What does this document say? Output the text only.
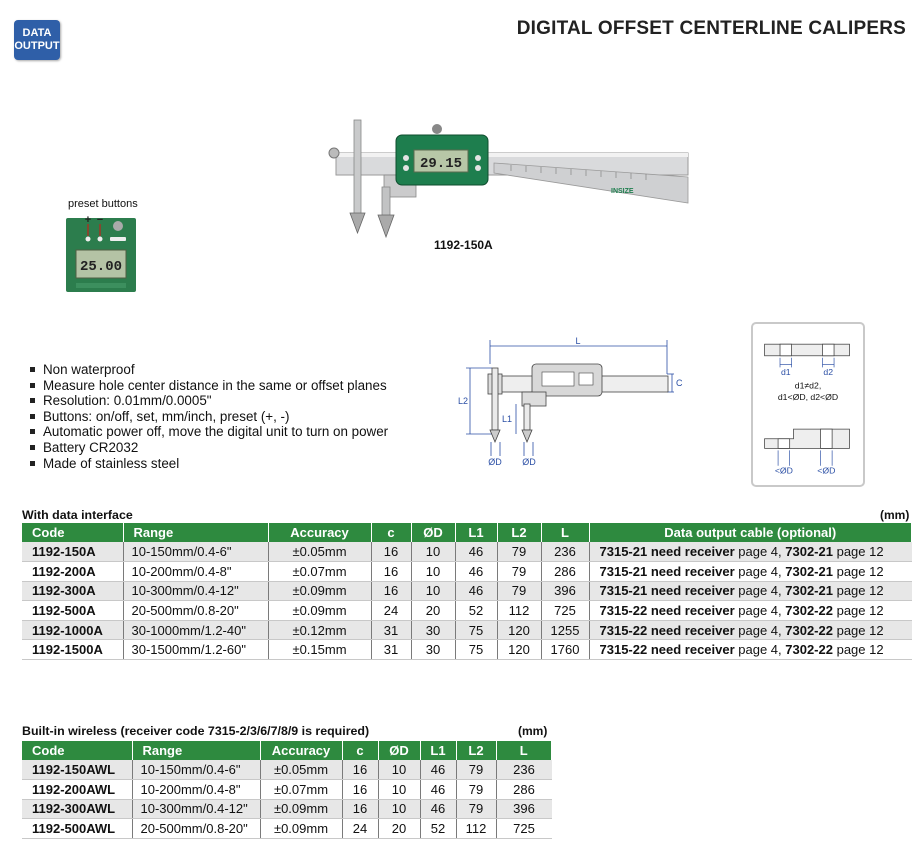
DATA
OUTPUT
DIGITAL OFFSET CENTERLINE CALIPERS
29.15
INSIZE
1192-150A
preset buttons
+ −
25.00
Non waterproof
Measure hole center distance in the same or offset planes
Resolution: 0.01mm/0.0005"
Buttons: on/off, set, mm/inch, preset (+, -)
Automatic power off, move the digital unit to turn on power
Battery CR2032
Made of stainless steel
L
C
L1
L2
ØD ØD
d1	d2
d1≠d2,
d1<ØD, d2<ØD
<ØD	<ØD
With data interface	(mm)
Code	Range	Accuracy	c	ØD	L1	L2	L	Data output cable (optional)
1192-150A	10-150mm/0.4-6"	±0.05mm	16	10	46	79	236	7315-21 need receiver page 4, 7302-21 page 12
1192-200A	10-200mm/0.4-8"	±0.07mm	16	10	46	79	286	7315-21 need receiver page 4, 7302-21 page 12
1192-300A	10-300mm/0.4-12"	±0.09mm	16	10	46	79	396	7315-21 need receiver page 4, 7302-21 page 12
1192-500A	20-500mm/0.8-20"	±0.09mm	24	20	52	112	725	7315-22 need receiver page 4, 7302-22 page 12
1192-1000A	30-1000mm/1.2-40"	±0.12mm	31	30	75	120	1255	7315-22 need receiver page 4, 7302-22 page 12
1192-1500A	30-1500mm/1.2-60"	±0.15mm	31	30	75	120	1760	7315-22 need receiver page 4, 7302-22 page 12
Built-in wireless (receiver code 7315-2/3/6/7/8/9 is required)	(mm)
Code	Range	Accuracy	c	ØD	L1	L2	L
1192-150AWL	10-150mm/0.4-6"	±0.05mm	16	10	46	79	236
1192-200AWL	10-200mm/0.4-8"	±0.07mm	16	10	46	79	286
1192-300AWL	10-300mm/0.4-12"	±0.09mm	16	10	46	79	396
1192-500AWL	20-500mm/0.8-20"	±0.09mm	24	20	52	112	725
